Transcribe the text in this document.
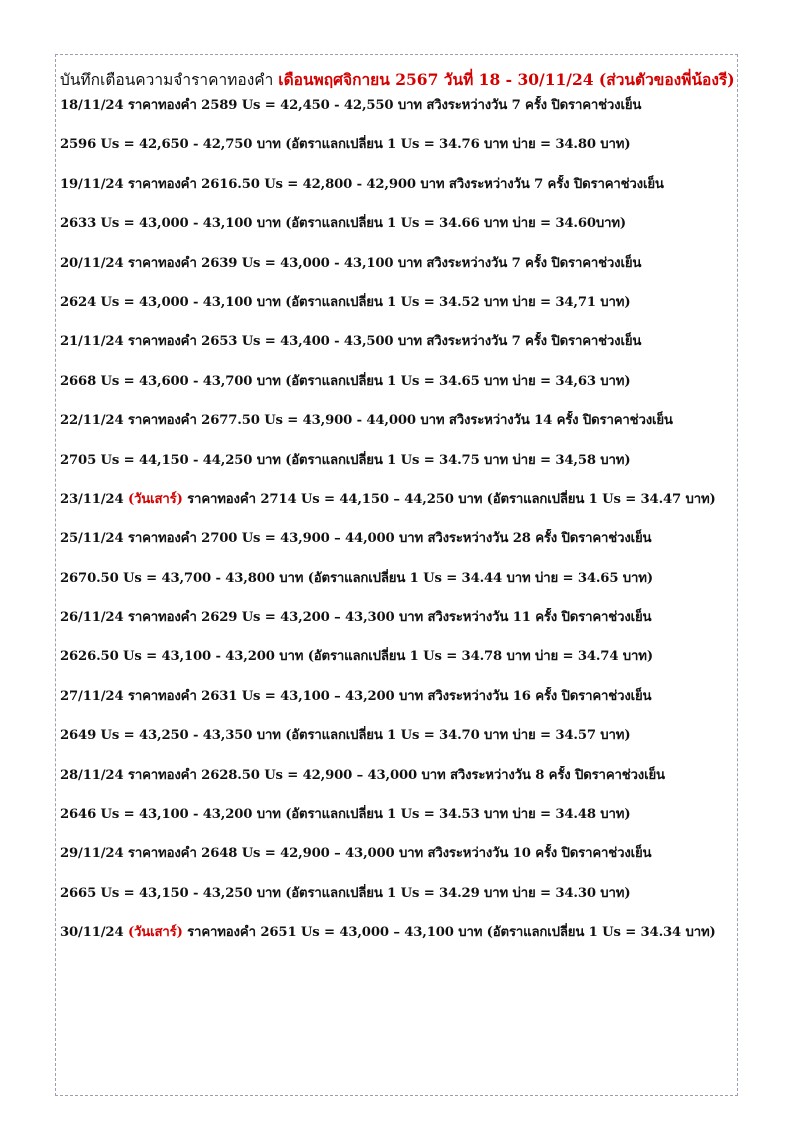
บันทึกเตือนความจำราคาทองคำ เดือนพฤศจิกายน 2567 วันที่ 18 - 30/11/24 (ส่วนตัวของพี่น้องรี)
18/11/24 ราคาทองคำ 2589 Us = 42,450 - 42,550 บาท สวิงระหว่างวัน 7 ครั้ง ปิดราคาช่วงเย็น
2596 Us = 42,650 - 42,750 บาท (อัตราแลกเปลี่ยน 1 Us = 34.76 บาท บ่าย = 34.80 บาท)
19/11/24 ราคาทองคำ 2616.50 Us = 42,800 - 42,900 บาท สวิงระหว่างวัน 7 ครั้ง ปิดราคาช่วงเย็น
2633 Us = 43,000 - 43,100 บาท (อัตราแลกเปลี่ยน 1 Us = 34.66 บาท บ่าย = 34.60บาท)
20/11/24 ราคาทองคำ 2639 Us = 43,000 - 43,100 บาท สวิงระหว่างวัน 7 ครั้ง ปิดราคาช่วงเย็น
2624 Us = 43,000 - 43,100 บาท (อัตราแลกเปลี่ยน 1 Us = 34.52 บาท บ่าย = 34,71 บาท)
21/11/24 ราคาทองคำ 2653 Us = 43,400 - 43,500 บาท สวิงระหว่างวัน 7 ครั้ง ปิดราคาช่วงเย็น
2668 Us = 43,600 - 43,700 บาท (อัตราแลกเปลี่ยน 1 Us = 34.65 บาท บ่าย = 34,63 บาท)
22/11/24 ราคาทองคำ 2677.50 Us = 43,900 - 44,000 บาท สวิงระหว่างวัน 14 ครั้ง ปิดราคาช่วงเย็น
2705 Us = 44,150 - 44,250 บาท (อัตราแลกเปลี่ยน 1 Us = 34.75 บาท บ่าย = 34,58 บาท)
23/11/24 (วันเสาร์) ราคาทองคำ 2714 Us = 44,150 – 44,250 บาท (อัตราแลกเปลี่ยน 1 Us = 34.47 บาท)
25/11/24 ราคาทองคำ 2700 Us = 43,900 – 44,000 บาท สวิงระหว่างวัน 28 ครั้ง ปิดราคาช่วงเย็น
2670.50 Us = 43,700 - 43,800 บาท (อัตราแลกเปลี่ยน 1 Us = 34.44 บาท บ่าย = 34.65 บาท)
26/11/24 ราคาทองคำ 2629 Us = 43,200 – 43,300 บาท สวิงระหว่างวัน 11 ครั้ง ปิดราคาช่วงเย็น
2626.50 Us = 43,100 - 43,200 บาท (อัตราแลกเปลี่ยน 1 Us = 34.78 บาท บ่าย = 34.74 บาท)
27/11/24 ราคาทองคำ 2631 Us = 43,100 – 43,200 บาท สวิงระหว่างวัน 16 ครั้ง ปิดราคาช่วงเย็น
2649 Us = 43,250 - 43,350 บาท (อัตราแลกเปลี่ยน 1 Us = 34.70 บาท บ่าย = 34.57 บาท)
28/11/24 ราคาทองคำ 2628.50 Us = 42,900 – 43,000 บาท สวิงระหว่างวัน 8 ครั้ง ปิดราคาช่วงเย็น
2646 Us = 43,100 - 43,200 บาท (อัตราแลกเปลี่ยน 1 Us = 34.53 บาท บ่าย = 34.48 บาท)
29/11/24 ราคาทองคำ 2648 Us = 42,900 – 43,000 บาท สวิงระหว่างวัน 10 ครั้ง ปิดราคาช่วงเย็น
2665 Us = 43,150 - 43,250 บาท (อัตราแลกเปลี่ยน 1 Us = 34.29 บาท บ่าย = 34.30 บาท)
30/11/24 (วันเสาร์) ราคาทองคำ 2651 Us = 43,000 – 43,100 บาท (อัตราแลกเปลี่ยน 1 Us = 34.34 บาท)
